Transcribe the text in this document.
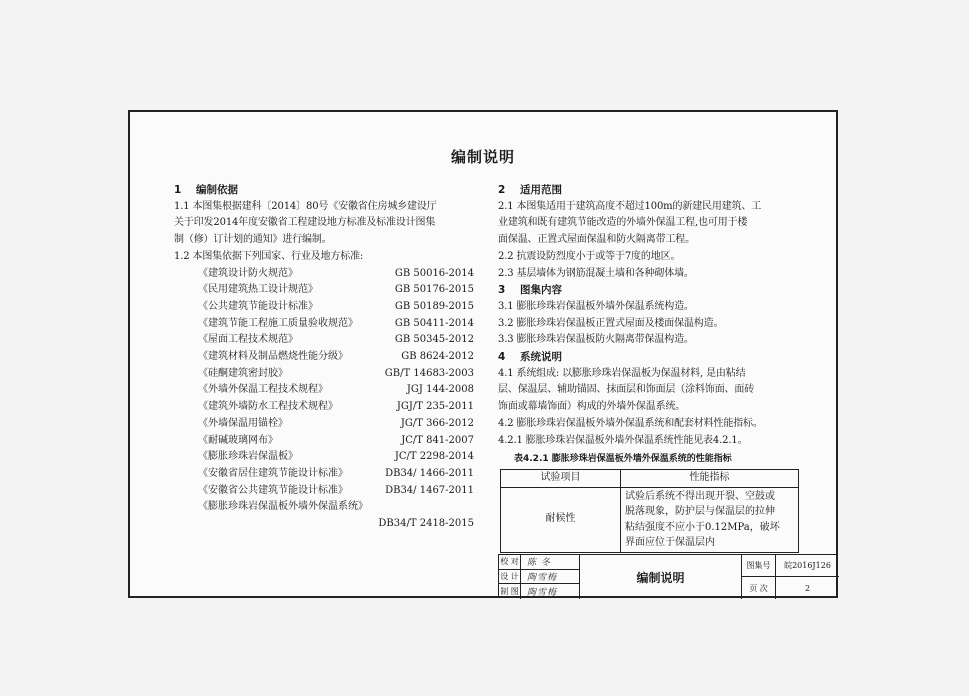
编制说明
1 编制依据
1.1 本图集根据建科〔2014〕80号《安徽省住房城乡建设厅
关于印发2014年度安徽省工程建设地方标准及标准设计图集
制（修）订计划的通知》进行编制。
1.2 本图集依据下列国家、行业及地方标准:
《建筑设计防火规范》	GB 50016-2014
《民用建筑热工设计规范》	GB 50176-2015
《公共建筑节能设计标准》	GB 50189-2015
《建筑节能工程施工质量验收规范》	GB 50411-2014
《屋面工程技术规范》	GB 50345-2012
《建筑材料及制品燃烧性能分级》	GB 8624-2012
《硅酮建筑密封胶》	GB/T 14683-2003
《外墙外保温工程技术规程》	JGJ 144-2008
《建筑外墙防水工程技术规程》	JGJ/T 235-2011
《外墙保温用锚栓》	JG/T 366-2012
《耐碱玻璃网布》	JC/T 841-2007
《膨胀珍珠岩保温板》	JC/T 2298-2014
《安徽省居住建筑节能设计标准》	DB34/ 1466-2011
《安徽省公共建筑节能设计标准》	DB34/ 1467-2011
《膨胀珍珠岩保温板外墙外保温系统》
DB34/T 2418-2015
2 适用范围
2.1 本图集适用于建筑高度不超过100m的新建民用建筑、工
业建筑和既有建筑节能改造的外墙外保温工程,也可用于楼
面保温、正置式屋面保温和防火隔离带工程。
2.2 抗震设防烈度小于或等于7度的地区。
2.3 基层墙体为钢筋混凝土墙和各种砌体墙。
3 图集内容
3.1 膨胀珍珠岩保温板外墙外保温系统构造。
3.2 膨胀珍珠岩保温板正置式屋面及楼面保温构造。
3.3 膨胀珍珠岩保温板防火隔离带保温构造。
4 系统说明
4.1 系统组成: 以膨胀珍珠岩保温板为保温材料, 是由粘结
层、保温层、辅助锚固、抹面层和饰面层（涂料饰面、面砖
饰面或幕墙饰面）构成的外墙外保温系统。
4.2 膨胀珍珠岩保温板外墙外保温系统和配套材料性能指标。
4.2.1 膨胀珍珠岩保温板外墙外保温系统性能见表4.2.1。
表4.2.1 膨胀珍珠岩保温板外墙外保温系统的性能指标
试验项目	性能指标
耐候性	试验后系统不得出现开裂、空鼓或
脱落现象，防护层与保温层的拉伸
粘结强度不应小于0.12MPa，破坏
界面应位于保温层内
校 对 陈 冬
设 计 陶雪梅
制 图 陶雪梅
编制说明
图集号	皖2016J126
页 次	2
